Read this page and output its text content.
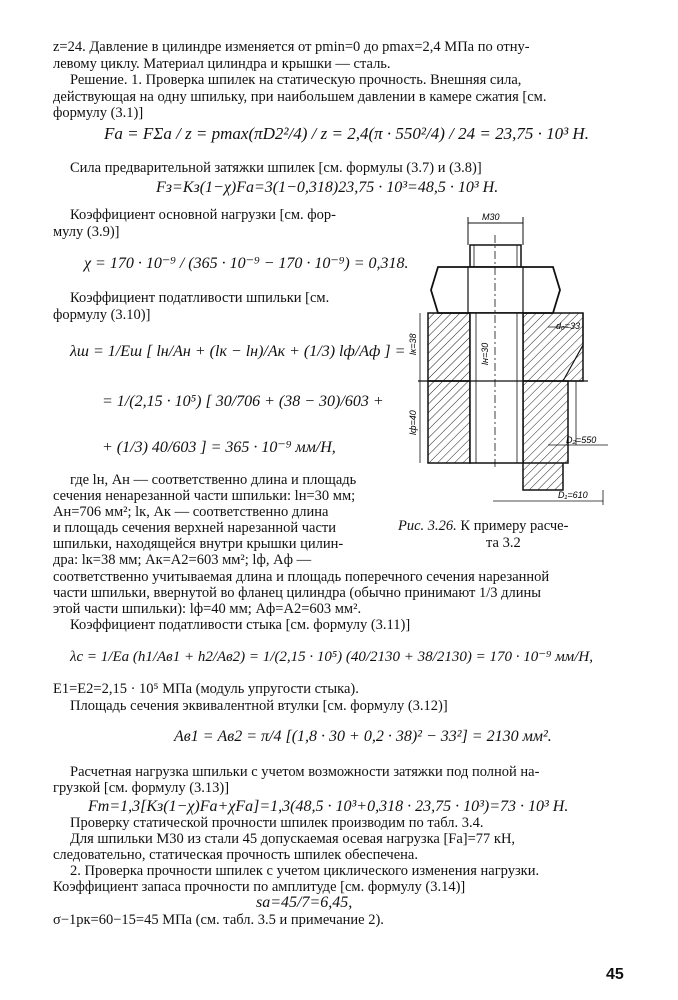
z=24. Давление в цилиндре изменяется от pmin=0 до pmax=2,4 МПа по отну-
левому циклу. Материал цилиндра и крышки — сталь.
Решение. 1. Проверка шпилек на статическую прочность. Внешняя сила,
действующая на одну шпильку, при наибольшем давлении в камере сжатия [см.
формулу (3.1)]
Fa = FΣa / z = pmax(πD2²/4) / z = 2,4(π · 550²/4) / 24 = 23,75 · 10³ Н.
Сила предварительной затяжки шпилек [см. формулы (3.7) и (3.8)]
Fз=Kз(1−χ)Fa=3(1−0,318)23,75 · 10³=48,5 · 10³ Н.
Коэффициент основной нагрузки [см. фор-
мулу (3.9)]
χ = 170 · 10⁻⁹ / (365 · 10⁻⁹ − 170 · 10⁻⁹) = 0,318.
Коэффициент податливости шпильки [см.
формулу (3.10)]
λш = 1/Eш [ lн/Aн + (lк − lн)/Aк + (1/3) lф/Aф ] =
= 1/(2,15 · 10⁵) [ 30/706 + (38 − 30)/603 +
+ (1/3) 40/603 ] = 365 · 10⁻⁹ мм/Н,
где lн, Aн — соответственно длина и площадь
сечения ненарезанной части шпильки: lн=30 мм;
Aн=706 мм²; lк, Aк — соответственно длина
и площадь сечения верхней нарезанной части
шпильки, находящейся внутри крышки цилин-
дра: lк=38 мм; Aк=A2=603 мм²; lф, Aф —
Рис. 3.26. К примеру расче-
та 3.2
соответственно учитываемая длина и площадь поперечного сечения нарезанной
части шпильки, ввернутой во фланец цилиндра (обычно принимают 1/3 длины
этой части шпильки): lф=40 мм; Aф=A2=603 мм².
Коэффициент податливости стыка [см. формулу (3.11)]
λс = 1/Eа (h1/Aв1 + h2/Aв2) = 1/(2,15 · 10⁵) (40/2130 + 38/2130) = 170 · 10⁻⁹ мм/Н,
E1=E2=2,15 · 10⁵ МПа (модуль упругости стыка).
Площадь сечения эквивалентной втулки [см. формулу (3.12)]
Aв1 = Aв2 = π/4 [(1,8 · 30 + 0,2 · 38)² − 33²] = 2130 мм².
Расчетная нагрузка шпильки с учетом возможности затяжки под полной на-
грузкой [см. формулу (3.13)]
Fm=1,3[Kз(1−χ)Fa+χFa]=1,3(48,5 · 10³+0,318 · 23,75 · 10³)=73 · 10³ Н.
Проверку статической прочности шпилек производим по табл. 3.4.
Для шпильки М30 из стали 45 допускаемая осевая нагрузка [Fa]=77 кН,
следовательно, статическая прочность шпилек обеспечена.
2. Проверка прочности шпилек с учетом циклического изменения нагрузки.
Коэффициент запаса прочности по амплитуде [см. формулу (3.14)]
sa=45/7=6,45,
σ−1рк=60−15=45 МПа (см. табл. 3.5 и примечание 2).
45
M30
lк=38
lф=40
lн=30
d₀=33
D₂=550
D₁=610
